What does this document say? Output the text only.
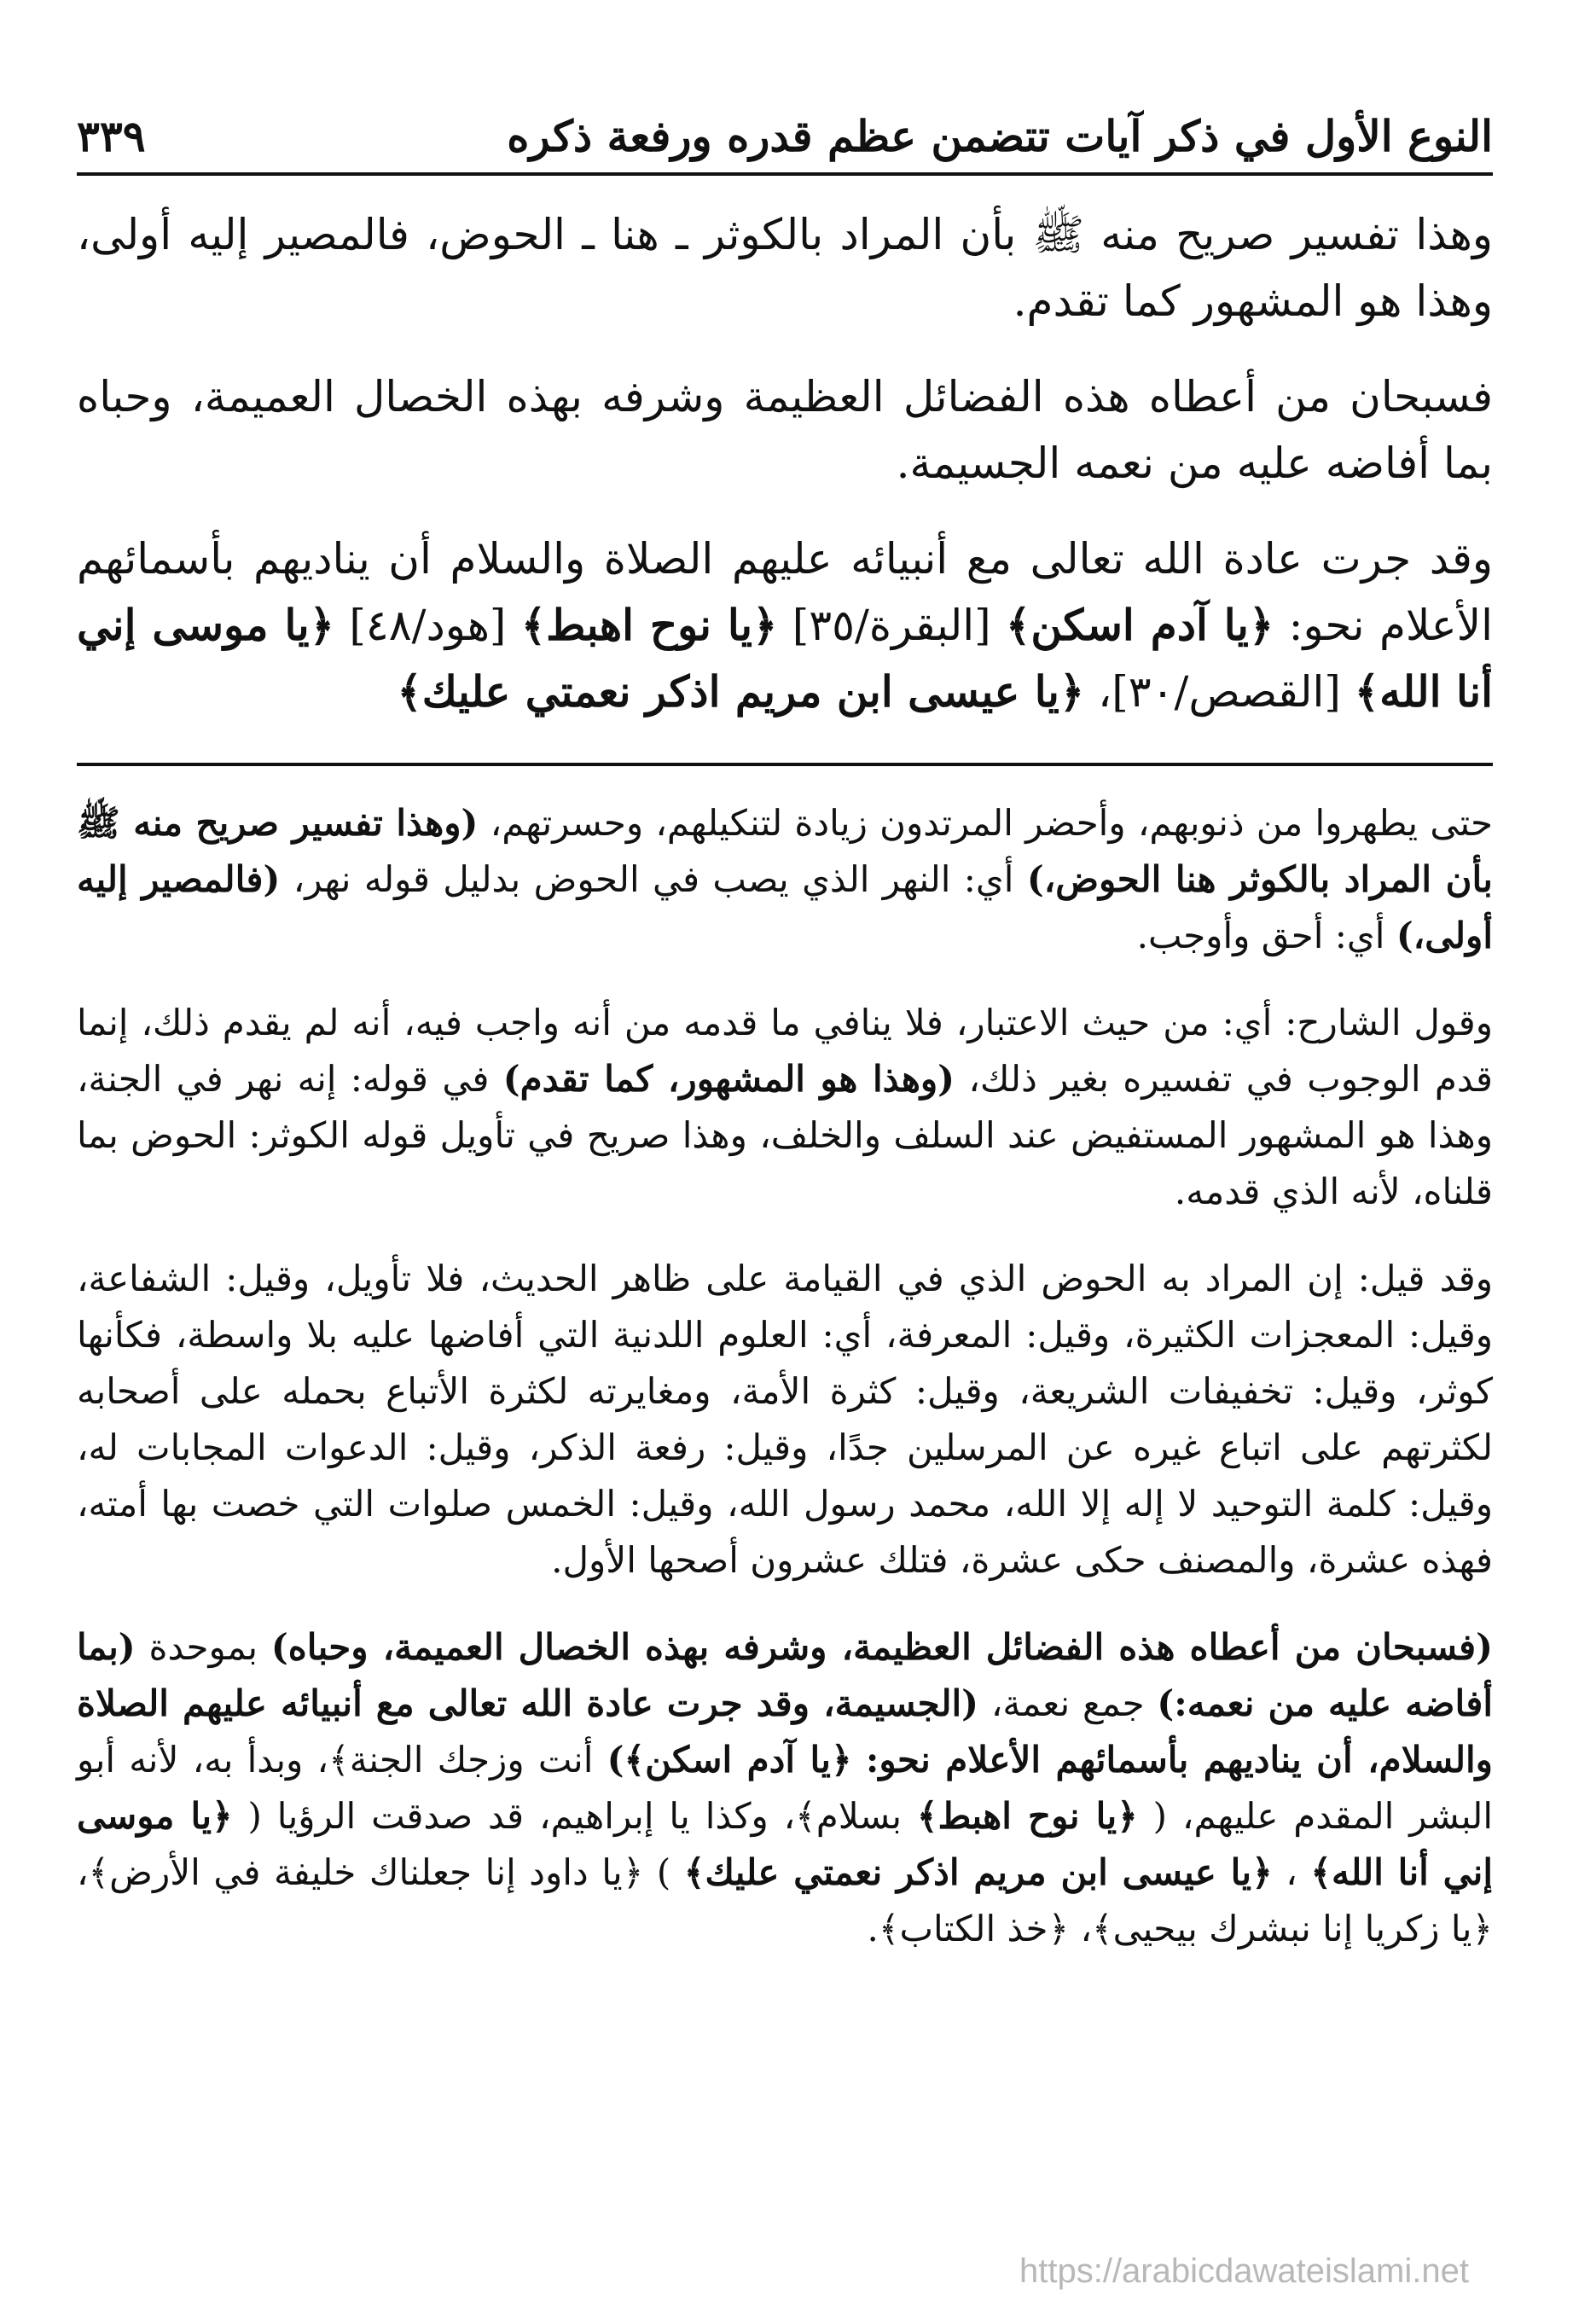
النوع الأول في ذكر آيات تتضمن عظم قدره ورفعة ذكره
٣٣٩

وهذا تفسير صريح منه ﷺ بأن المراد بالكوثر ـ هنا ـ الحوض، فالمصير إليه أولى، وهذا هو المشهور كما تقدم.

فسبحان من أعطاه هذه الفضائل العظيمة وشرفه بهذه الخصال العميمة، وحباه بما أفاضه عليه من نعمه الجسيمة.

وقد جرت عادة الله تعالى مع أنبيائه عليهم الصلاة والسلام أن يناديهم بأسمائهم الأعلام نحو: ﴿يا آدم اسكن﴾ [البقرة/٣٥] ﴿يا نوح اهبط﴾ [هود/٤٨] ﴿يا موسى إني أنا الله﴾ [القصص/٣٠]، ﴿يا عيسى ابن مريم اذكر نعمتي عليك﴾

حتى يطهروا من ذنوبهم، وأحضر المرتدون زيادة لتنكيلهم، وحسرتهم، (وهذا تفسير صريح منه ﷺ بأن المراد بالكوثر هنا الحوض،) أي: النهر الذي يصب في الحوض بدليل قوله نهر، (فالمصير إليه أولى،) أي: أحق وأوجب.

وقول الشارح: أي: من حيث الاعتبار، فلا ينافي ما قدمه من أنه واجب فيه، أنه لم يقدم ذلك، إنما قدم الوجوب في تفسيره بغير ذلك، (وهذا هو المشهور، كما تقدم) في قوله: إنه نهر في الجنة، وهذا هو المشهور المستفيض عند السلف والخلف، وهذا صريح في تأويل قوله الكوثر: الحوض بما قلناه، لأنه الذي قدمه.

وقد قيل: إن المراد به الحوض الذي في القيامة على ظاهر الحديث، فلا تأويل، وقيل: الشفاعة، وقيل: المعجزات الكثيرة، وقيل: المعرفة، أي: العلوم اللدنية التي أفاضها عليه بلا واسطة، فكأنها كوثر، وقيل: تخفيفات الشريعة، وقيل: كثرة الأمة، ومغايرته لكثرة الأتباع بحمله على أصحابه لكثرتهم على اتباع غيره عن المرسلين جدًا، وقيل: رفعة الذكر، وقيل: الدعوات المجابات له، وقيل: كلمة التوحيد لا إله إلا الله، محمد رسول الله، وقيل: الخمس صلوات التي خصت بها أمته، فهذه عشرة، والمصنف حكى عشرة، فتلك عشرون أصحها الأول.

(فسبحان من أعطاه هذه الفضائل العظيمة، وشرفه بهذه الخصال العميمة، وحباه) بموحدة (بما أفاضه عليه من نعمه:) جمع نعمة، (الجسيمة، وقد جرت عادة الله تعالى مع أنبيائه عليهم الصلاة والسلام، أن يناديهم بأسمائهم الأعلام نحو: ﴿يا آدم اسكن﴾) أنت وزجك الجنة﴾، وبدأ به، لأنه أبو البشر المقدم عليهم، ( ﴿يا نوح اهبط﴾ بسلام﴾، وكذا يا إبراهيم، قد صدقت الرؤيا ( ﴿يا موسى إني أنا الله﴾ ، ﴿يا عيسى ابن مريم اذكر نعمتي عليك﴾ ) ﴿يا داود إنا جعلناك خليفة في الأرض﴾، ﴿يا زكريا إنا نبشرك بيحيى﴾، ﴿خذ الكتاب﴾.

https://arabicdawateislami.net
